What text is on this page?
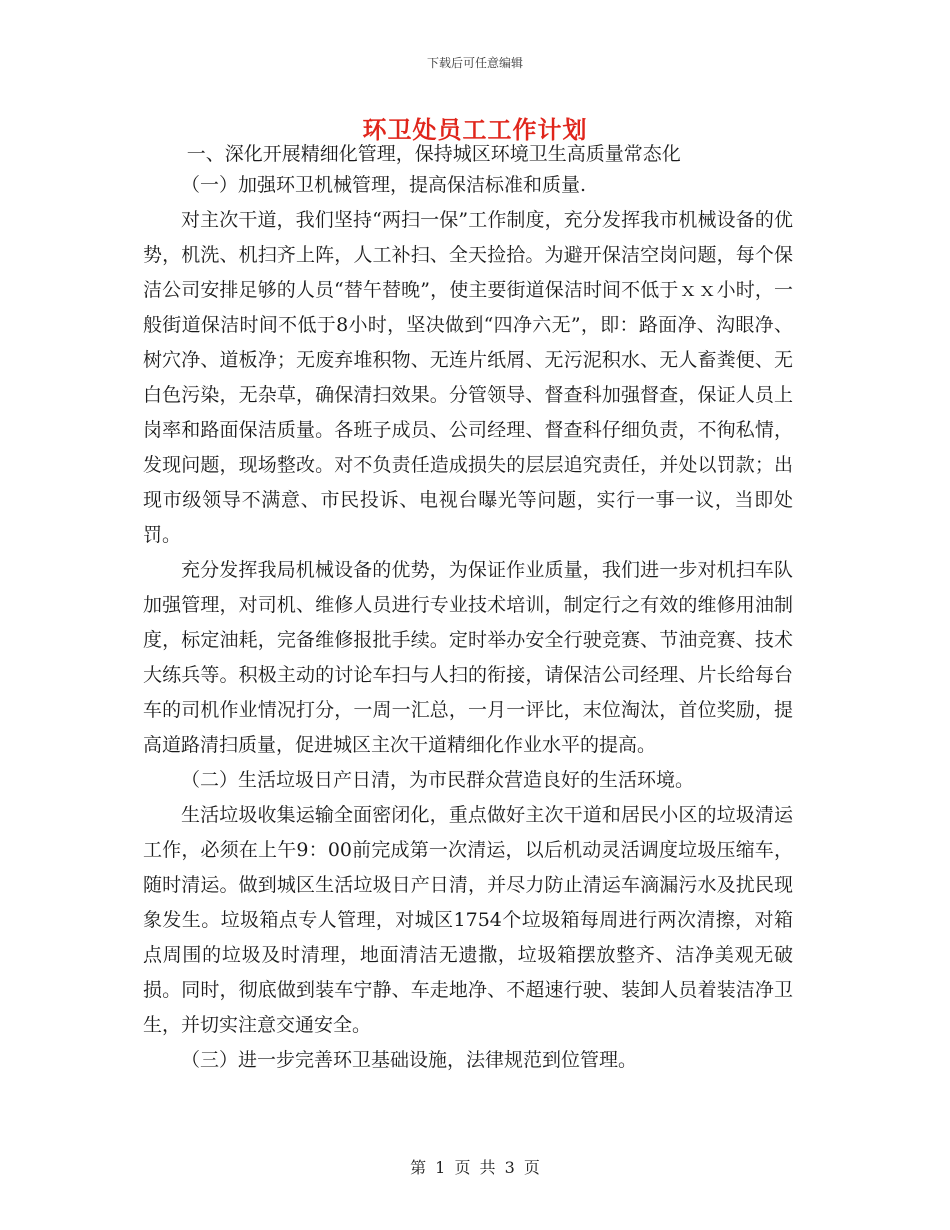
下载后可任意编辑
环卫处员工工作计划

一、深化开展精细化管理，保持城区环境卫生高质量常态化

（一）加强环卫机械管理，提高保洁标准和质量.

对主次干道，我们坚持“两扫一保”工作制度，充分发挥我市机械设备的优势，机洗、机扫齐上阵，人工补扫、全天捡拾。为避开保洁空岗问题，每个保洁公司安排足够的人员“替午替晚”，使主要街道保洁时间不低于ｘｘ小时，一般街道保洁时间不低于8小时，坚决做到“四净六无”，即：路面净、沟眼净、树穴净、道板净；无废弃堆积物、无连片纸屑、无污泥积水、无人畜粪便、无白色污染，无杂草，确保清扫效果。分管领导、督查科加强督查，保证人员上岗率和路面保洁质量。各班子成员、公司经理、督查科仔细负责，不徇私情，发现问题，现场整改。对不负责任造成损失的层层追究责任，并处以罚款；出现市级领导不满意、市民投诉、电视台曝光等问题，实行一事一议，当即处罚。

充分发挥我局机械设备的优势，为保证作业质量，我们进一步对机扫车队加强管理，对司机、维修人员进行专业技术培训，制定行之有效的维修用油制度，标定油耗，完备维修报批手续。定时举办安全行驶竞赛、节油竞赛、技术大练兵等。积极主动的讨论车扫与人扫的衔接，请保洁公司经理、片长给每台车的司机作业情况打分，一周一汇总，一月一评比，末位淘汰，首位奖励，提高道路清扫质量，促进城区主次干道精细化作业水平的提高。

（二）生活垃圾日产日清，为市民群众营造良好的生活环境。

生活垃圾收集运输全面密闭化，重点做好主次干道和居民小区的垃圾清运工作，必须在上午9：00前完成第一次清运，以后机动灵活调度垃圾压缩车，随时清运。做到城区生活垃圾日产日清，并尽力防止清运车滴漏污水及扰民现象发生。垃圾箱点专人管理，对城区1754个垃圾箱每周进行两次清擦，对箱点周围的垃圾及时清理，地面清洁无遗撒，垃圾箱摆放整齐、洁净美观无破损。同时，彻底做到装车宁静、车走地净、不超速行驶、装卸人员着装洁净卫生，并切实注意交通安全。

（三）进一步完善环卫基础设施，法律规范到位管理。

第 1 页 共 3 页
